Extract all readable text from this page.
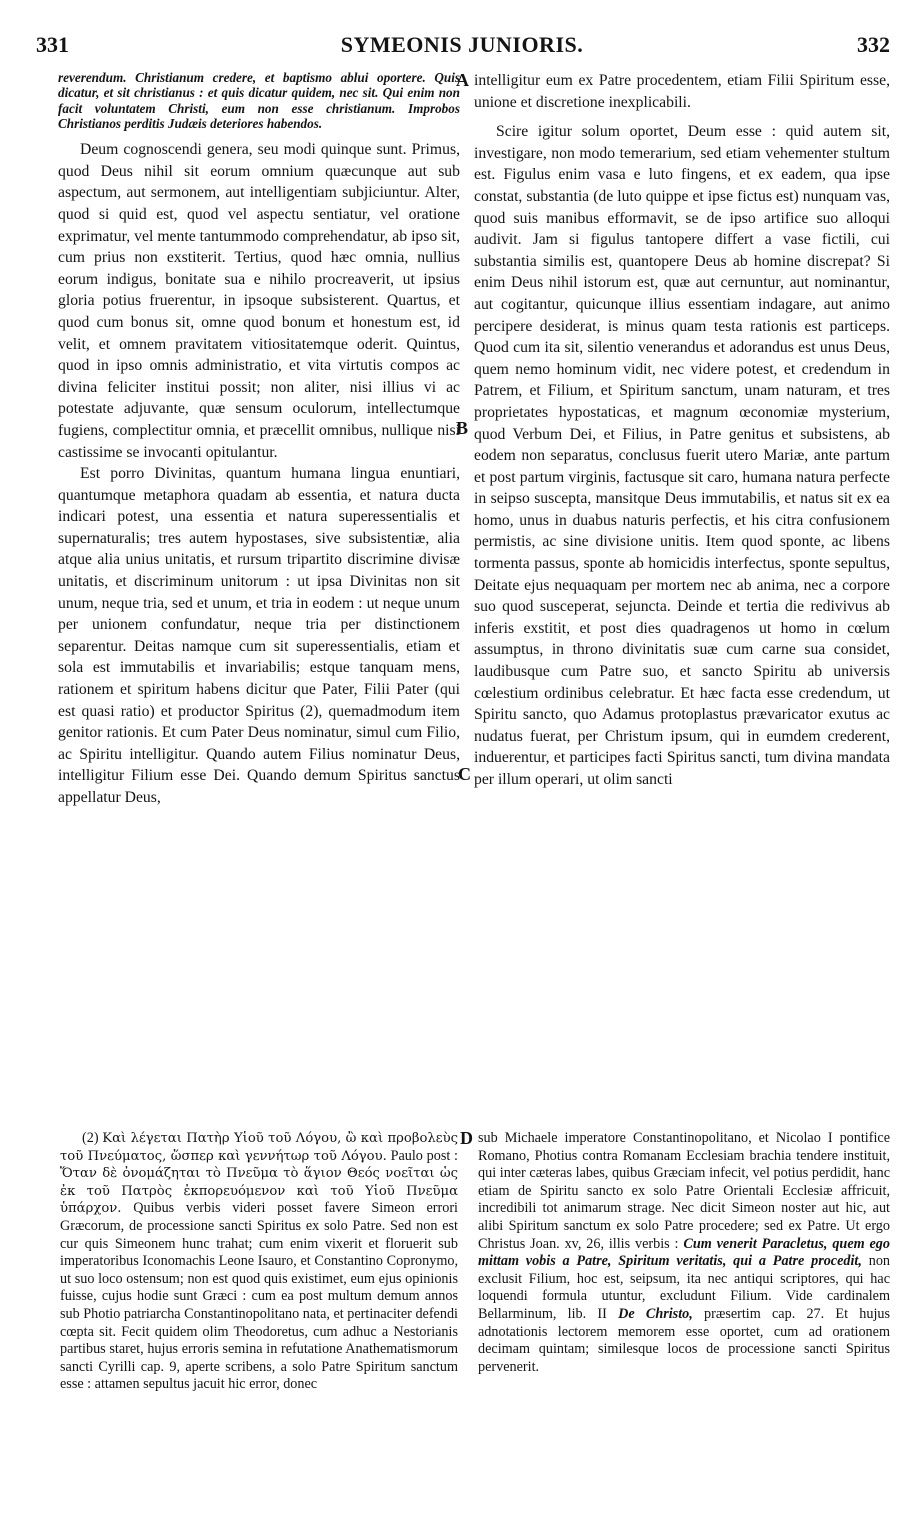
331	SYMEONIS JUNIORIS.	332
A
B
C
D

reverendum. Christianum credere, et baptismo ablui oportere. Quis dicatur, et sit christianus : et quis dicatur quidem, nec sit. Qui enim non facit voluntatem Christi, eum non esse christianum. Improbos Christianos perditis Judæis deteriores habendos.

Deum cognoscendi genera, seu modi quinque sunt. Primus, quod Deus nihil sit eorum omnium quæcunque aut sub aspectum, aut sermonem, aut intelligentiam subjiciuntur. Alter, quod si quid est, quod vel aspectu sentiatur, vel oratione exprimatur, vel mente tantummodo comprehendatur, ab ipso sit, cum prius non exstiterit. Tertius, quod hæc omnia, nullius eorum indigus, bonitate sua e nihilo procreaverit, ut ipsius gloria potius fruerentur, in ipsoque subsisterent. Quartus, et quod cum bonus sit, omne quod bonum et honestum est, id velit, et omnem pravitatem vitiositatemque oderit. Quintus, quod in ipso omnis administratio, et vita virtutis compos ac divina feliciter institui possit; non aliter, nisi illius vi ac potestate adjuvante, quæ sensum oculorum, intellectumque fugiens, complectitur omnia, et præcellit omnibus, nullique nisi castissime se invocanti opitulantur.

Est porro Divinitas, quantum humana lingua enuntiari, quantumque metaphora quadam ab essentia, et natura ducta indicari potest, una essentia et natura superessentialis et supernaturalis; tres autem hypostases, sive subsistentiæ, alia atque alia unius unitatis, et rursum tripartito discrimine divisæ unitatis, et discriminum unitorum : ut ipsa Divinitas non sit unum, neque tria, sed et unum, et tria in eodem : ut neque unum per unionem confundatur, neque tria per distinctionem separentur. Deitas namque cum sit superessentialis, etiam et sola est immutabilis et invariabilis; estque tanquam mens, rationem et spiritum habens dicitur que Pater, Filii Pater (qui est quasi ratio) et productor Spiritus (2), quemadmodum item genitor rationis. Et cum Pater Deus nominatur, simul cum Filio, ac Spiritu intelligitur. Quando autem Filius nominatur Deus, intelligitur Filium esse Dei. Quando demum Spiritus sanctus appellatur Deus,

intelligitur eum ex Patre procedentem, etiam Filii Spiritum esse, unione et discretione inexplicabili.

Scire igitur solum oportet, Deum esse : quid autem sit, investigare, non modo temerarium, sed etiam vehementer stultum est. Figulus enim vasa e luto fingens, et ex eadem, qua ipse constat, substantia (de luto quippe et ipse fictus est) nunquam vas, quod suis manibus efformavit, se de ipso artifice suo alloqui audivit. Jam si figulus tantopere differt a vase fictili, cui substantia similis est, quantopere Deus ab homine discrepat? Si enim Deus nihil istorum est, quæ aut cernuntur, aut nominantur, aut cogitantur, quicunque illius essentiam indagare, aut animo percipere desiderat, is minus quam testa rationis est particeps. Quod cum ita sit, silentio venerandus et adorandus est unus Deus, quem nemo hominum vidit, nec videre potest, et credendum in Patrem, et Filium, et Spiritum sanctum, unam naturam, et tres proprietates hypostaticas, et magnum œconomiæ mysterium, quod Verbum Dei, et Filius, in Patre genitus et subsistens, ab eodem non separatus, conclusus fuerit utero Mariæ, ante partum et post partum virginis, factusque sit caro, humana natura perfecte in seipso suscepta, mansitque Deus immutabilis, et natus sit ex ea homo, unus in duabus naturis perfectis, et his citra confusionem permistis, ac sine divisione unitis. Item quod sponte, ac libens tormenta passus, sponte ab homicidis interfectus, sponte sepultus, Deitate ejus nequaquam per mortem nec ab anima, nec a corpore suo quod susceperat, sejuncta. Deinde et tertia die redivivus ab inferis exstitit, et post dies quadragenos ut homo in cœlum assumptus, in throno divinitatis suæ cum carne sua considet, laudibusque cum Patre suo, et sancto Spiritu ab universis cœlestium ordinibus celebratur. Et hæc facta esse credendum, ut Spiritu sancto, quo Adamus protoplastus prævaricator exutus ac nudatus fuerat, per Christum ipsum, qui in eumdem crederent, induerentur, et participes facti Spiritus sancti, tum divina mandata per illum operari, ut olim sancti

(2) Καὶ λέγεται Πατὴρ Υἱοῦ τοῦ Λόγου, ὢ καὶ προβολεὺς τοῦ Πνεύματος, ὥσπερ καὶ γεννήτωρ τοῦ Λόγου. Paulo post : Ὅταν δὲ ὀνομάζηται τὸ Πνεῦμα τὸ ἅγιον Θεός νοεῖται ὡς ἐκ τοῦ Πατρὸς ἐκπορευόμενον καὶ τοῦ Υἱοῦ Πνεῦμα ὑπάρχον. Quibus verbis videri posset favere Simeon errori Græcorum, de processione sancti Spiritus ex solo Patre. Sed non est cur quis Simeonem hunc trahat; cum enim vixerit et floruerit sub imperatoribus Iconomachis Leone Isauro, et Constantino Copronymo, ut suo loco ostensum; non est quod quis existimet, eum ejus opinionis fuisse, cujus hodie sunt Græci : cum ea post multum demum annos sub Photio patriarcha Constantinopolitano nata, et pertinaciter defendi cœpta sit. Fecit quidem olim Theodoretus, cum adhuc a Nestorianis partibus staret, hujus erroris semina in refutatione Anathematismorum sancti Cyrilli cap. 9, aperte scribens, a solo Patre Spiritum sanctum esse : attamen sepultus jacuit hic error, donec

sub Michaele imperatore Constantinopolitano, et Nicolao I pontifice Romano, Photius contra Romanam Ecclesiam brachia tendere instituit, qui inter cæteras labes, quibus Græciam infecit, vel potius perdidit, hanc etiam de Spiritu sancto ex solo Patre Orientali Ecclesiæ affricuit, incredibili tot animarum strage. Nec dicit Simeon noster aut hic, aut alibi Spiritum sanctum ex solo Patre procedere; sed ex Patre. Ut ergo Christus Joan. xv, 26, illis verbis : Cum venerit Paracletus, quem ego mittam vobis a Patre, Spiritum veritatis, qui a Patre procedit, non exclusit Filium, hoc est, seipsum, ita nec antiqui scriptores, qui hac loquendi formula utuntur, excludunt Filium. Vide cardinalem Bellarminum, lib. II De Christo, præsertim cap. 27. Et hujus adnotationis lectorem memorem esse oportet, cum ad orationem decimam quintam; similesque locos de processione sancti Spiritus pervenerit.
